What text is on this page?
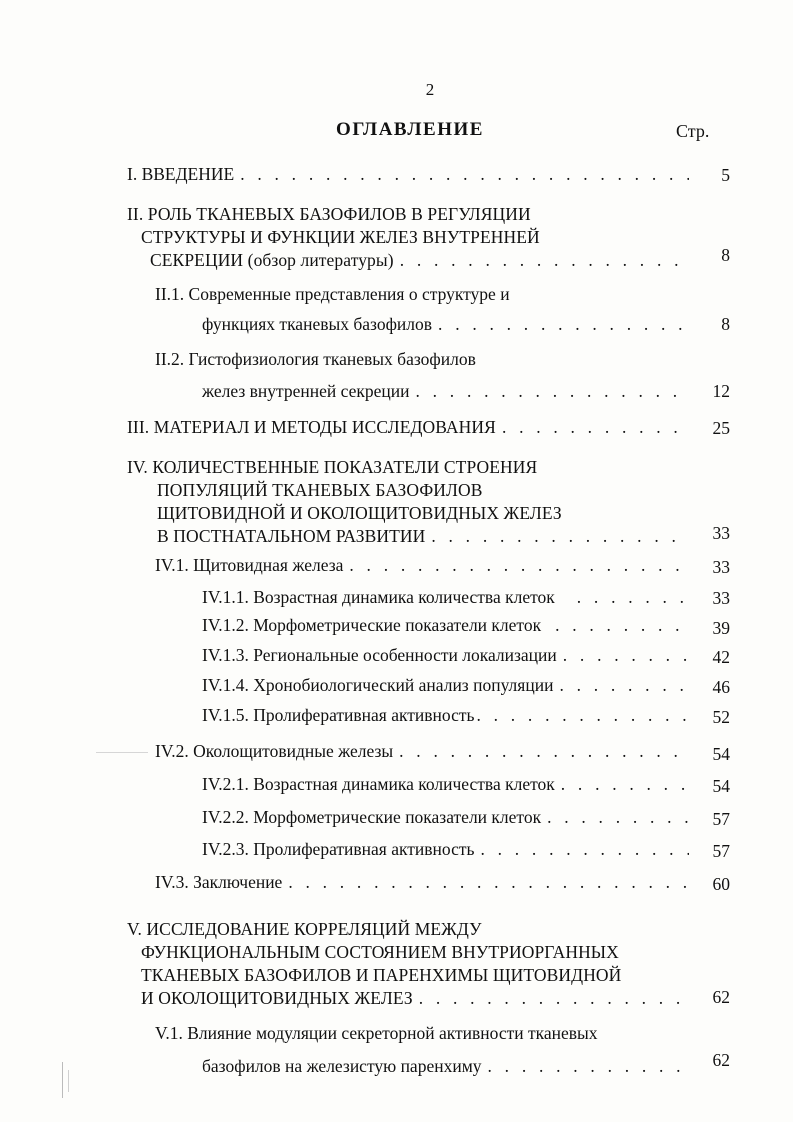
2
ОГЛАВЛЕНИЕ	Стр.
I. ВВЕДЕНИЕ . . .	5
II. РОЛЬ ТКАНЕВЫХ БАЗОФИЛОВ В РЕГУЛЯЦИИ
СТРУКТУРЫ И ФУНКЦИИ ЖЕЛЕЗ ВНУТРЕННЕЙ
СЕКРЕЦИИ (обзор литературы) . . .	8
II.1. Современные представления о структуре и
функциях тканевых базофилов . . .	8
II.2. Гистофизиология тканевых базофилов
желез внутренней секреции . . .	12
III. МАТЕРИАЛ И МЕТОДЫ ИССЛЕДОВАНИЯ . . .	25
IV. КОЛИЧЕСТВЕННЫЕ ПОКАЗАТЕЛИ СТРОЕНИЯ
ПОПУЛЯЦИЙ ТКАНЕВЫХ БАЗОФИЛОВ
ЩИТОВИДНОЙ И ОКОЛОЩИТОВИДНЫХ ЖЕЛЕЗ
В ПОСТНАТАЛЬНОМ РАЗВИТИИ . . .	33
IV.1. Щитовидная железа . . .	33
IV.1.1. Возрастная динамика количества клеток . . .	33
IV.1.2. Морфометрические показатели клеток . . .	39
IV.1.3. Региональные особенности локализации . . .	42
IV.1.4. Хронобиологический анализ популяции . . .	46
IV.1.5. Пролиферативная активность . . .	52
IV.2. Околощитовидные железы . . .	54
IV.2.1. Возрастная динамика количества клеток . . .	54
IV.2.2. Морфометрические показатели клеток . . .	57
IV.2.3. Пролиферативная активность . . .	57
IV.3. Заключение . . .	60
V. ИССЛЕДОВАНИЕ КОРРЕЛЯЦИЙ МЕЖДУ
ФУНКЦИОНАЛЬНЫМ СОСТОЯНИЕМ ВНУТРИОРГАННЫХ
ТКАНЕВЫХ БАЗОФИЛОВ И ПАРЕНХИМЫ ЩИТОВИДНОЙ
И ОКОЛОЩИТОВИДНЫХ ЖЕЛЕЗ . . .	62
V.1. Влияние модуляции секреторной активности тканевых
базофилов на железистую паренхиму . . .	62
